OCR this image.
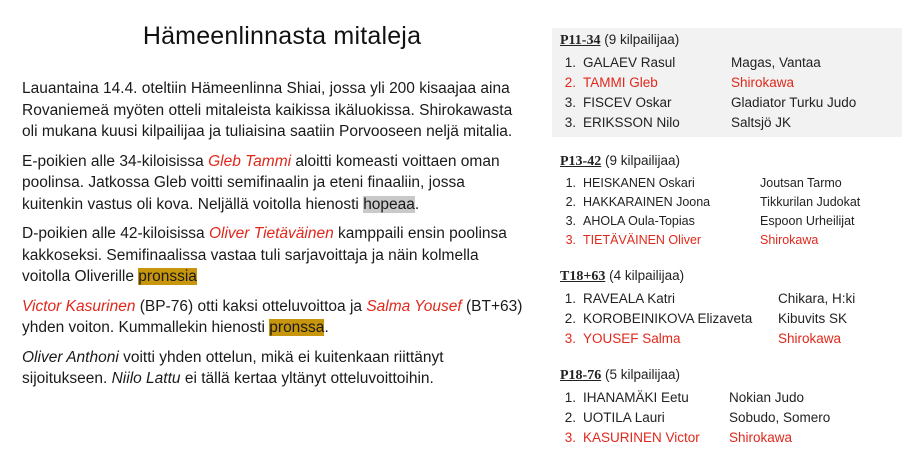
Hämeenlinnasta mitaleja

Lauantaina 14.4. oteltiin Hämeenlinna Shiai, jossa yli 200 kisaajaa aina Rovaniemeä myöten otteli mitaleista kaikissa ikäluokissa. Shirokawasta oli mukana kuusi kilpailijaa ja tuliaisina saatiin Porvooseen neljä mitalia.

E-poikien alle 34-kiloisissa Gleb Tammi aloitti komeasti voittaen oman poolinsa. Jatkossa Gleb voitti semifinaalin ja eteni finaaliin, jossa kuitenkin vastus oli kova. Neljällä voitolla hienosti hopeaa.

D-poikien alle 42-kiloisissa Oliver Tietäväinen kamppaili ensin poolinsa kakkoseksi. Semifinaalissa vastaa tuli sarjavoittaja ja näin kolmella voitolla Oliverille pronssia

Victor Kasurinen (BP-76) otti kaksi otteluvoittoa ja Salma Yousef (BT+63) yhden voiton. Kummallekin hienosti pronssa.

Oliver Anthoni voitti yhden ottelun, mikä ei kuitenkaan riittänyt sijoitukseen. Niilo Lattu ei tällä kertaa yltänyt otteluvoittoihin.

P11-34 (9 kilpailijaa)
1. GALAEV Rasul	Magas, Vantaa
2. TAMMI Gleb	Shirokawa
3. FISCEV Oskar	Gladiator Turku Judo
3. ERIKSSON Nilo	Saltsjö JK
P13-42 (9 kilpailijaa)
1. HEISKANEN Oskari	Joutsan Tarmo
2. HAKKARAINEN Joona	Tikkurilan Judokat
3. AHOLA Oula-Topias	Espoon Urheilijat
3. TIETÄVÄINEN Oliver	Shirokawa
T18+63 (4 kilpailijaa)
1. RAVEALA Katri	Chikara, H:ki
2. KOROBEINIKOVA Elizaveta	Kibuvits SK
3. YOUSEF Salma	Shirokawa
P18-76 (5 kilpailijaa)
1. IHANAMÄKI Eetu	Nokian Judo
2. UOTILA Lauri	Sobudo, Somero
3. KASURINEN Victor	Shirokawa
